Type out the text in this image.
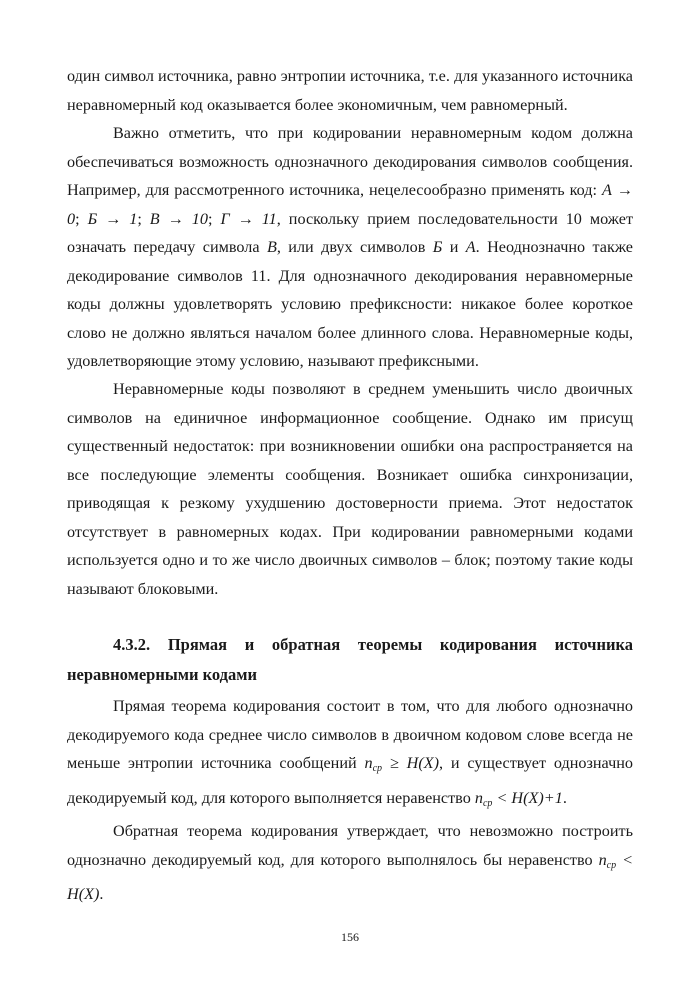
один символ источника, равно энтропии источника, т.е. для указанного источника неравномерный код оказывается более экономичным, чем равномерный.

Важно отметить, что при кодировании неравномерным кодом должна обеспечиваться возможность однозначного декодирования символов сообщения. Например, для рассмотренного источника, нецелесообразно применять код: А → 0; Б → 1; В → 10; Г → 11, поскольку прием последовательности 10 может означать передачу символа В, или двух символов Б и А. Неоднозначно также декодирование символов 11. Для однозначного декодирования неравномерные коды должны удовлетворять условию префиксности: никакое более короткое слово не должно являться началом более длинного слова. Неравномерные коды, удовлетворяющие этому условию, называют префиксными.

Неравномерные коды позволяют в среднем уменьшить число двоичных символов на единичное информационное сообщение. Однако им присущ существенный недостаток: при возникновении ошибки она распространяется на все последующие элементы сообщения. Возникает ошибка синхронизации, приводящая к резкому ухудшению достоверности приема. Этот недостаток отсутствует в равномерных кодах. При кодировании равномерными кодами используется одно и то же число двоичных символов – блок; поэтому такие коды называют блоковыми.

4.3.2. Прямая и обратная теоремы кодирования источника неравномерными кодами

Прямая теорема кодирования состоит в том, что для любого однозначно декодируемого кода среднее число символов в двоичном кодовом слове всегда не меньше энтропии источника сообщений $n_{ср} \ge H(X)$, и существует однозначно декодируемый код, для которого выполняется неравенство $n_{ср} < H(X)+1$.

Обратная теорема кодирования утверждает, что невозможно построить однозначно декодируемый код, для которого выполнялось бы неравенство $n_{ср} < H(X)$.

156
